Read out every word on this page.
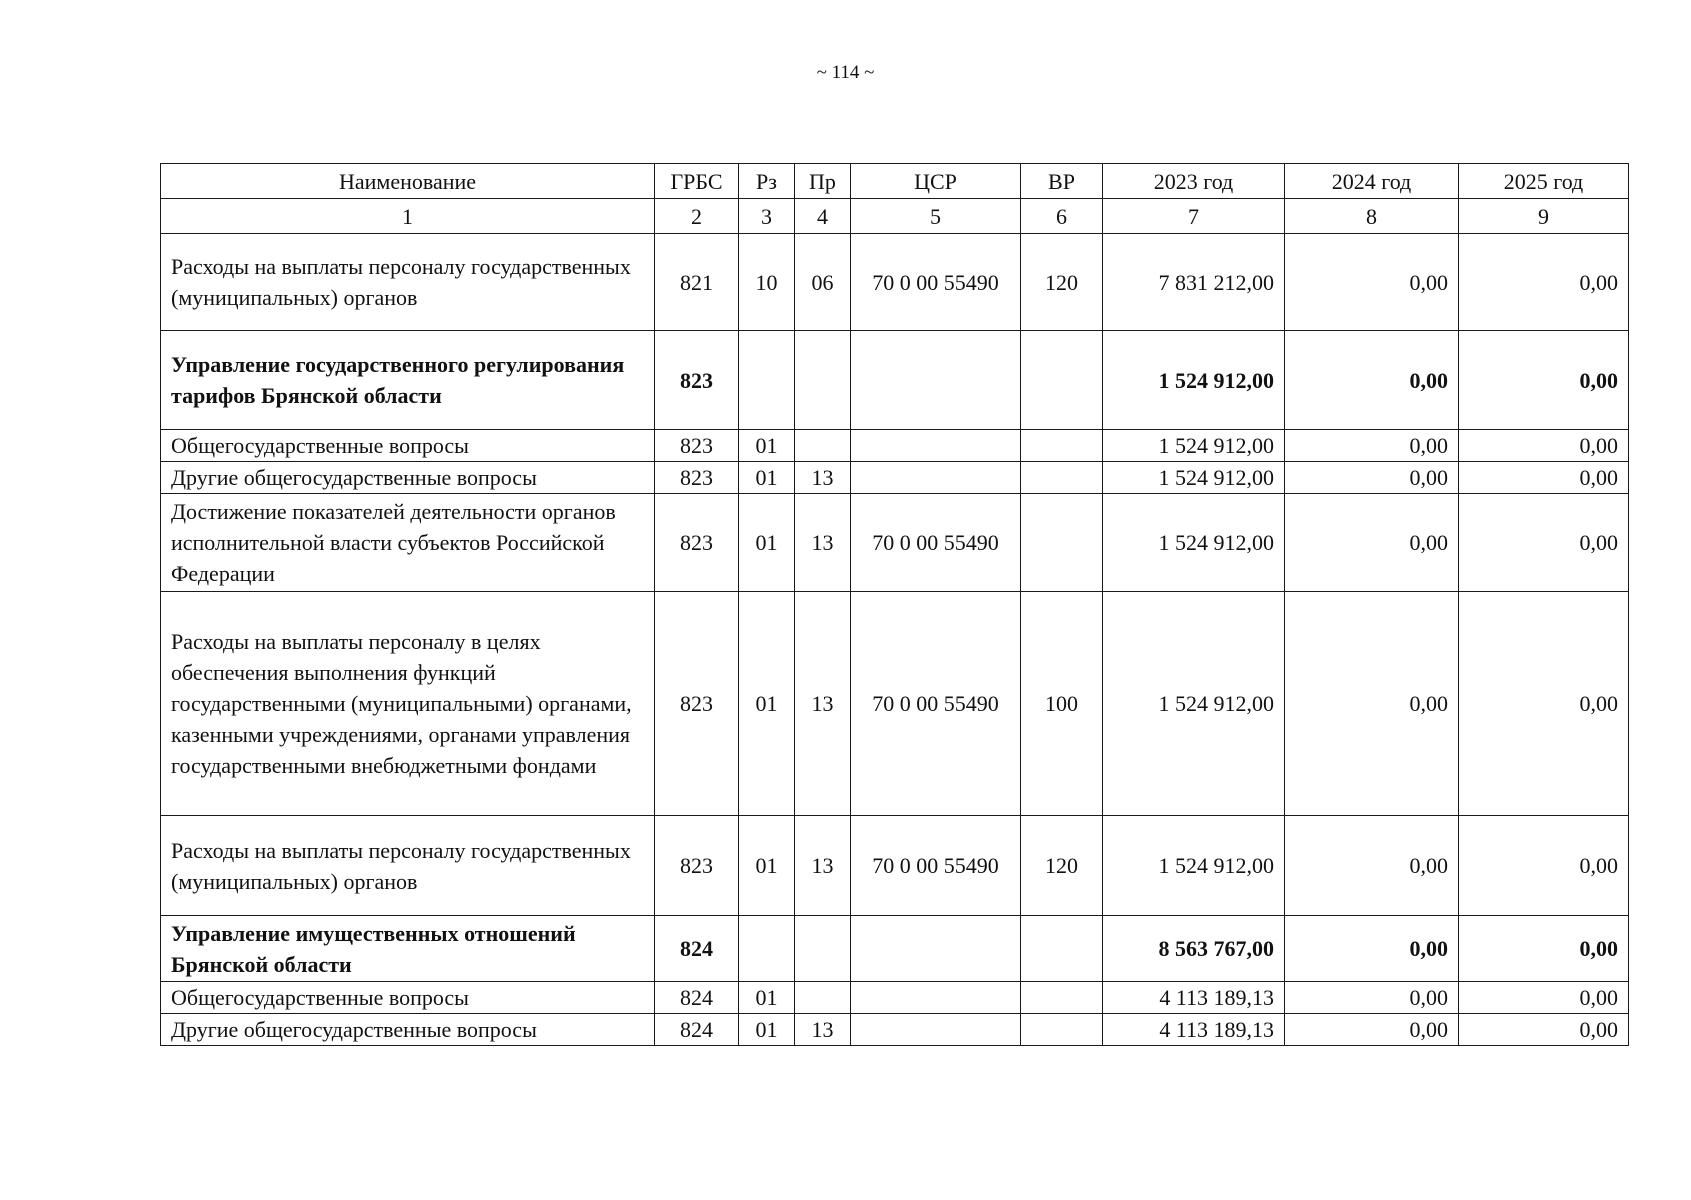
~ 114 ~
Наименование	ГРБС	Рз	Пр	ЦСР	ВР	2023 год	2024 год	2025 год
1	2	3	4	5	6	7	8	9
Расходы на выплаты персоналу государственных (муниципальных) органов	821	10	06	70 0 00 55490	120	7 831 212,00	0,00	0,00
Управление государственного регулирования тарифов Брянской области	823					1 524 912,00	0,00	0,00
Общегосударственные вопросы	823	01				1 524 912,00	0,00	0,00
Другие общегосударственные вопросы	823	01	13			1 524 912,00	0,00	0,00
Достижение показателей деятельности органов исполнительной власти субъектов Российской Федерации	823	01	13	70 0 00 55490		1 524 912,00	0,00	0,00
Расходы на выплаты персоналу в целях обеспечения выполнения функций государственными (муниципальными) органами, казенными учреждениями, органами управления государственными внебюджетными фондами	823	01	13	70 0 00 55490	100	1 524 912,00	0,00	0,00
Расходы на выплаты персоналу государственных (муниципальных) органов	823	01	13	70 0 00 55490	120	1 524 912,00	0,00	0,00
Управление имущественных отношений Брянской области	824					8 563 767,00	0,00	0,00
Общегосударственные вопросы	824	01				4 113 189,13	0,00	0,00
Другие общегосударственные вопросы	824	01	13			4 113 189,13	0,00	0,00
